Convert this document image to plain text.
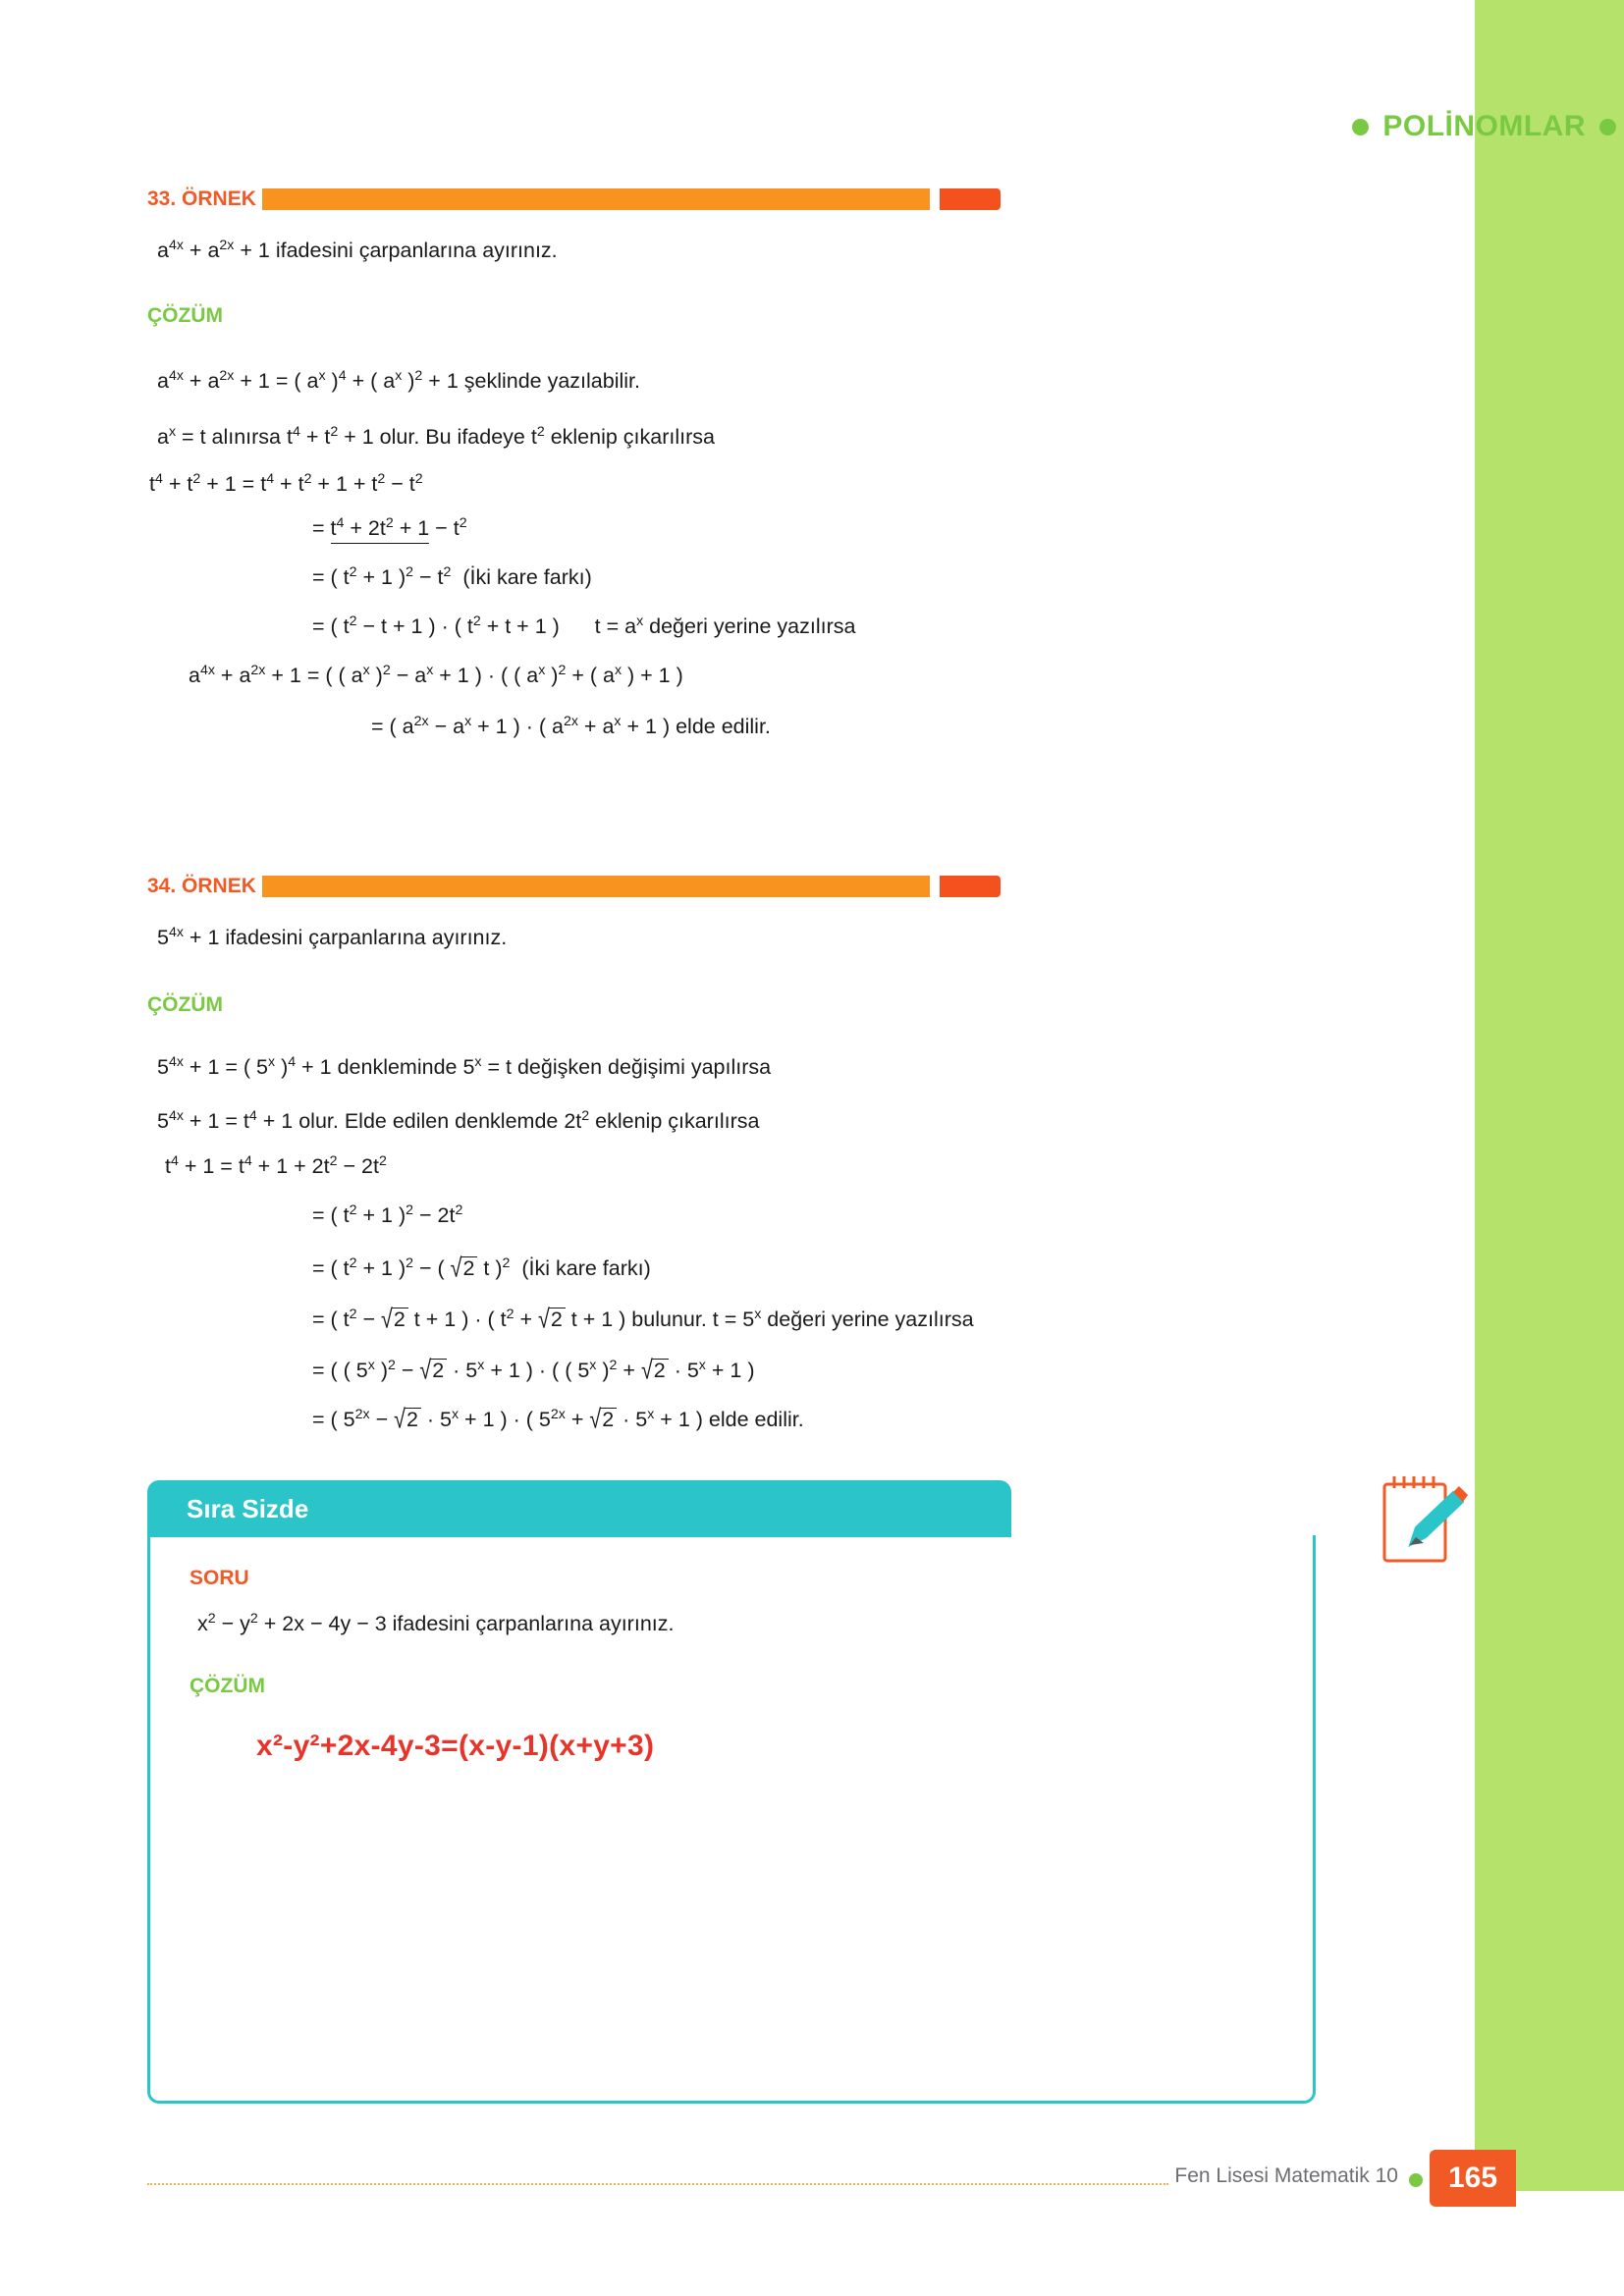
POLİNOMLAR
33. ÖRNEK
$a^{4x} + a^{2x} + 1$ ifadesini çarpanlarına ayırınız.
ÇÖZÜM
$a^{4x} + a^{2x} + 1$ = ( $a^x$ )$^4$ + ( $a^x$ )$^2$ + 1 şeklinde yazılabilir.
$a^x = t$ alınırsa $t^4 + t^2 + 1$ olur. Bu ifadeye $t^2$ eklenip çıkarılırsa
$t^4 + t^2 + 1 = t^4 + t^2 + 1 + t^2 - t^2$
= $t^4 + 2t^2 + 1 - t^2$
= ( $t^2 + 1$ )$^2 - t^2$  (İki kare farkı)
= ( $t^2 - t + 1$ ) · ( $t^2 + t + 1$ )      $t = a^x$ değeri yerine yazılırsa
$a^{4x} + a^{2x} + 1$ = ( ( $a^x$ )$^2 - a^x + 1$ ) · ( ( $a^x$ )$^2$ + ( $a^x$ ) + 1 )
= ( $a^{2x} - a^x + 1$ ) · ( $a^{2x} + a^x + 1$ ) elde edilir.
34. ÖRNEK
$5^{4x} + 1$ ifadesini çarpanlarına ayırınız.
ÇÖZÜM
$5^{4x} + 1$ = ( 5$^x$ )$^4$ + 1 denkleminde $5^x = t$ değişken değişimi yapılırsa
$5^{4x} + 1 = t^4 + 1$ olur. Elde edilen denklemde $2t^2$ eklenip çıkarılırsa
$t^4 + 1 = t^4 + 1 + 2t^2 - 2t^2$
= ( $t^2 + 1$ )$^2 - 2t^2$
= ( $t^2 + 1$ )$^2$ − ( √2 t )$^2$  (İki kare farkı)
= ( $t^2 - √2$ t + 1 ) · ( $t^2 + √2$ t + 1 ) bulunur. $t = 5^x$ değeri yerine yazılırsa
= ( ( 5$^x$ )$^2 - √2 \cdot 5^x + 1$ ) · ( ( 5$^x$ )$^2 + √2 \cdot 5^x + 1$ )
= ( $5^{2x} - √2 \cdot 5^x + 1$ ) · ( $5^{2x} + √2 \cdot 5^x + 1$ ) elde edilir.
Sıra Sizde
SORU
$x^2 - y^2 + 2x - 4y - 3$ ifadesini çarpanlarına ayırınız.
ÇÖZÜM
x²-y²+2x-4y-3=(x-y-1)(x+y+3)
Fen Lisesi Matematik 10 165
